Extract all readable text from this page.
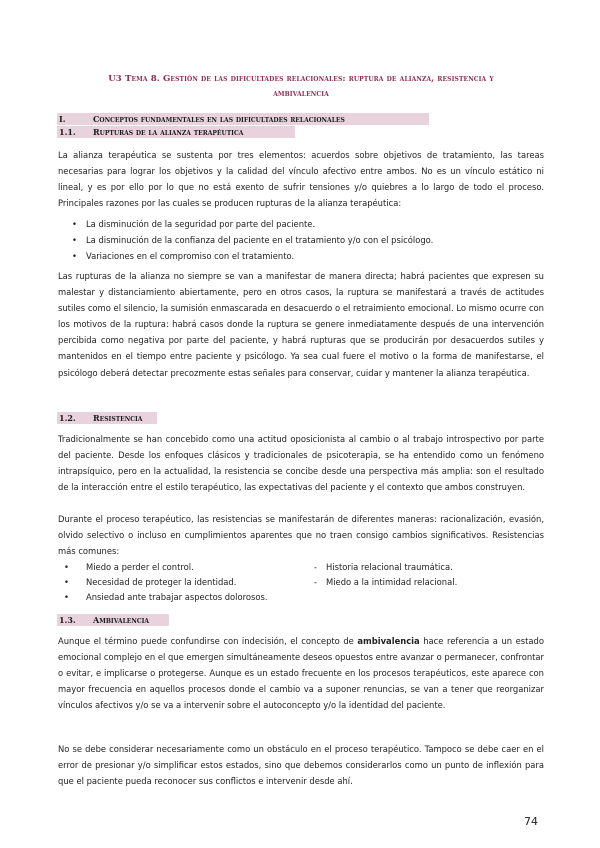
U3 Tema 8. Gestión de las dificultades relacionales: ruptura de alianza, resistencia y
ambivalencia
I.	Conceptos fundamentales en las dificultades relacionales
1.1. Rupturas de la alianza terapéutica

La alianza terapéutica se sustenta por tres elementos: acuerdos sobre objetivos de tratamiento, las tareas necesarias para lograr los objetivos y la calidad del vínculo afectivo entre ambos. No es un vínculo estático ni lineal, y es por ello por lo que no está exento de sufrir tensiones y/o quiebres a lo largo de todo el proceso. Principales razones por las cuales se producen rupturas de la alianza terapéutica:

• La disminución de la seguridad por parte del paciente.
• La disminución de la confianza del paciente en el tratamiento y/o con el psicólogo.
• Variaciones en el compromiso con el tratamiento.

Las rupturas de la alianza no siempre se van a manifestar de manera directa; habrá pacientes que expresen su malestar y distanciamiento abiertamente, pero en otros casos, la ruptura se manifestará a través de actitudes sutiles como el silencio, la sumisión enmascarada en desacuerdo o el retraimiento emocional. Lo mismo ocurre con los motivos de la ruptura: habrá casos donde la ruptura se genere inmediatamente después de una intervención percibida como negativa por parte del paciente, y habrá rupturas que se producirán por desacuerdos sutiles y mantenidos en el tiempo entre paciente y psicólogo. Ya sea cual fuere el motivo o la forma de manifestarse, el psicólogo deberá detectar precozmente estas señales para conservar, cuidar y mantener la alianza terapéutica.

1.2. Resistencia

Tradicionalmente se han concebido como una actitud oposicionista al cambio o al trabajo introspectivo por parte del paciente. Desde los enfoques clásicos y tradicionales de psicoterapia, se ha entendido como un fenómeno intrapsíquico, pero en la actualidad, la resistencia se concibe desde una perspectiva más amplia: son el resultado de la interacción entre el estilo terapéutico, las expectativas del paciente y el contexto que ambos construyen.

Durante el proceso terapéutico, las resistencias se manifestarán de diferentes maneras: racionalización, evasión, olvido selectivo o incluso en cumplimientos aparentes que no traen consigo cambios significativos. Resistencias más comunes:

• Miedo a perder el control.
• Necesidad de proteger la identidad.
• Ansiedad ante trabajar aspectos dolorosos.
- Historia relacional traumática.
- Miedo a la intimidad relacional.
1.3. Ambivalencia

Aunque el término puede confundirse con indecisión, el concepto de ambivalencia hace referencia a un estado emocional complejo en el que emergen simultáneamente deseos opuestos entre avanzar o permanecer, confrontar o evitar, e implicarse o protegerse. Aunque es un estado frecuente en los procesos terapéuticos, este aparece con mayor frecuencia en aquellos procesos donde el cambio va a suponer renuncias, se van a tener que reorganizar vínculos afectivos y/o se va a intervenir sobre el autoconcepto y/o la identidad del paciente.

No se debe considerar necesariamente como un obstáculo en el proceso terapéutico. Tampoco se debe caer en el error de presionar y/o simplificar estos estados, sino que debemos considerarlos como un punto de inflexión para que el paciente pueda reconocer sus conflictos e intervenir desde ahí.

74
